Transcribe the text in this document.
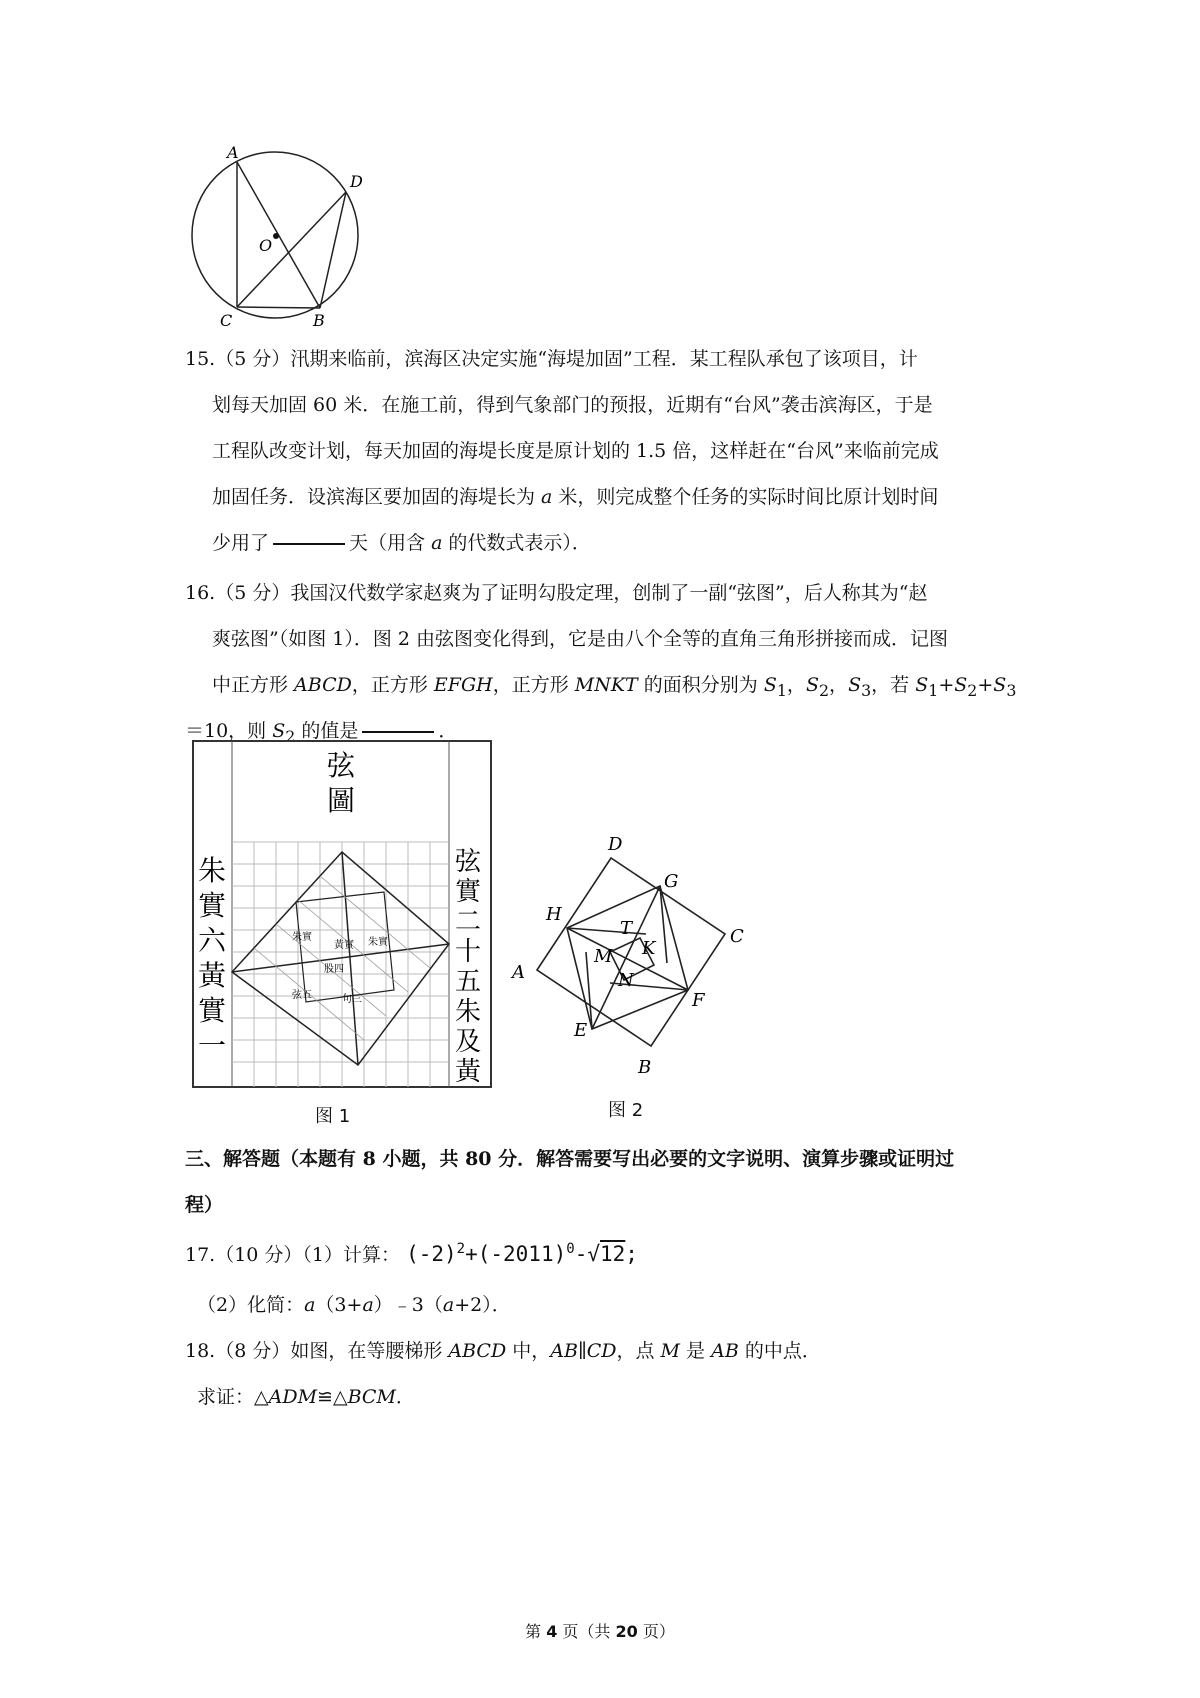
A
D
O
C	B
15.（5 分）汛期来临前，滨海区决定实施“海堤加固”工程．某工程队承包了该项目，计
划每天加固 60 米．在施工前，得到气象部门的预报，近期有“台风”袭击滨海区，于是
工程队改变计划，每天加固的海堤长度是原计划的 1.5 倍，这样赶在“台风”来临前完成
加固任务．设滨海区要加固的海堤长为 a 米，则完成整个任务的实际时间比原计划时间
少用了	天（用含 a 的代数式表示）．
16.（5 分）我国汉代数学家赵爽为了证明勾股定理，创制了一副“弦图”，后人称其为“赵
爽弦图”（如图 1）．图 2 由弦图变化得到，它是由八个全等的直角三角形拼接而成．记图
中正方形 ABCD，正方形 EFGH，正方形 MNKT 的面积分别为 $S_1$，$S_2$，$S_3$，若 $S_1+S_2+S_3$
＝10，则 $S_2$ 的值是	．
弦
圖
朱
實
六
黃
實
一
弦
實
二
十
五
朱
及
黃
朱實
黃實 朱實
股四
句三
弦五
图 1
D
G
H
C
T
K
M
A	N
F
E
B
图 2
三、解答题（本题有 8 小题，共 80 分．解答需要写出必要的文字说明、演算步骤或证明过
程）
17.（10 分）（1）计算： $(-2)^2+(-2011)^0-√12$;
（2）化简：a（3+a）﹣3（a+2）．
18.（8 分）如图，在等腰梯形 ABCD 中，AB∥CD，点 M 是 AB 的中点．
求证：△ADM≌△BCM．
第 4 页（共 20 页）
